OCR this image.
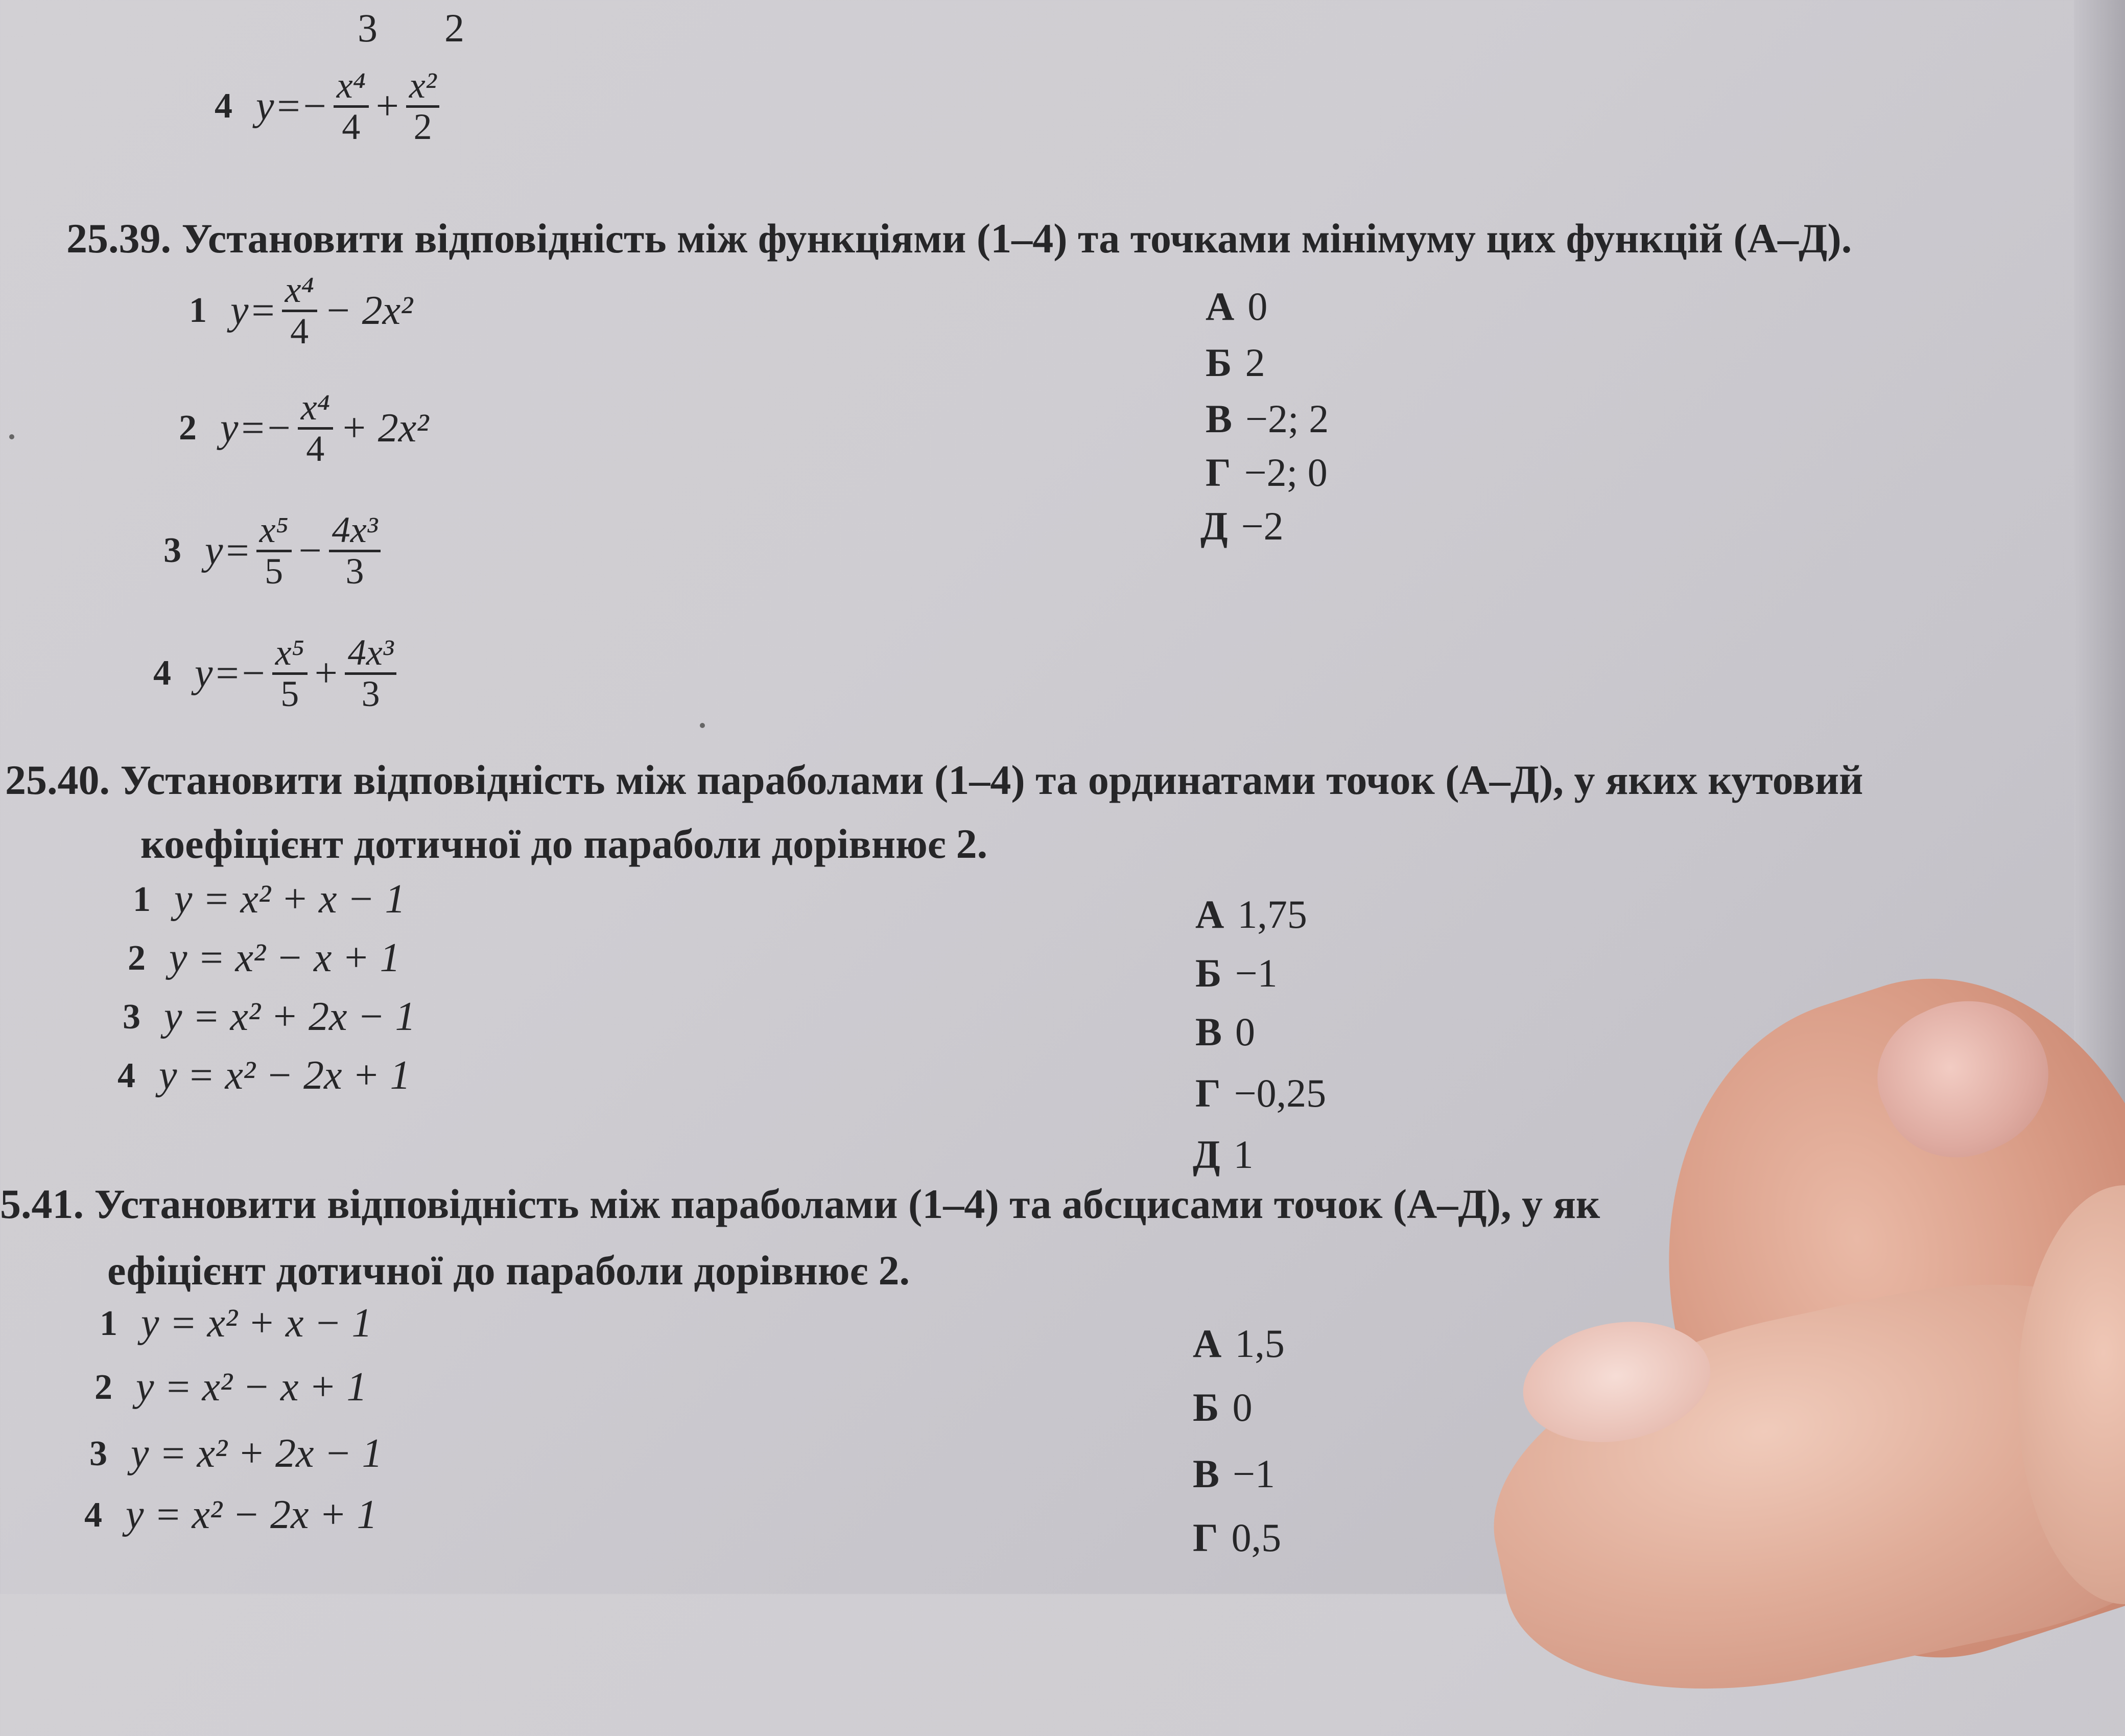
3 2
4 y = − $\frac{\text{x⁴}}{4} + \frac{\text{x²}}{2}$
25.39. Установити відповідність між функціями (1–4) та точками мінімуму цих функцій (А–Д).
1 $y = \frac{\text{x⁴}}{4} - 2x^2$
2 y = − $\frac{\text{x⁴}}{4} + 2x^2$
3 $y = \frac{\text{x⁵}}{5} - \frac{\text{4x³}}{3}$
4 y = − $\frac{\text{x⁵}}{5} + \frac{\text{4x³}}{3}$
А 0
Б 2
В −2; 2
Г −2; 0
Д −2
25.40. Установити відповідність між параболами (1–4) та ординатами точок (А–Д), у яких кутовий
коефіцієнт дотичної до параболи дорівнює 2.
1 y = x² + x − 1
2 y = x² − x + 1
3 y = x² + 2x − 1
4 y = x² − 2x + 1
А 1,75
Б −1
В 0
Г −0,25
Д 1
5.41. Установити відповідність між параболами (1–4) та абсцисами точок (А–Д), у як
ефіцієнт дотичної до параболи дорівнює 2.
1 y = x² + x − 1
2 y = x² − x + 1
3 y = x² + 2x − 1
4 y = x² − 2x + 1
А 1,5
Б 0
В −1
Г 0,5
